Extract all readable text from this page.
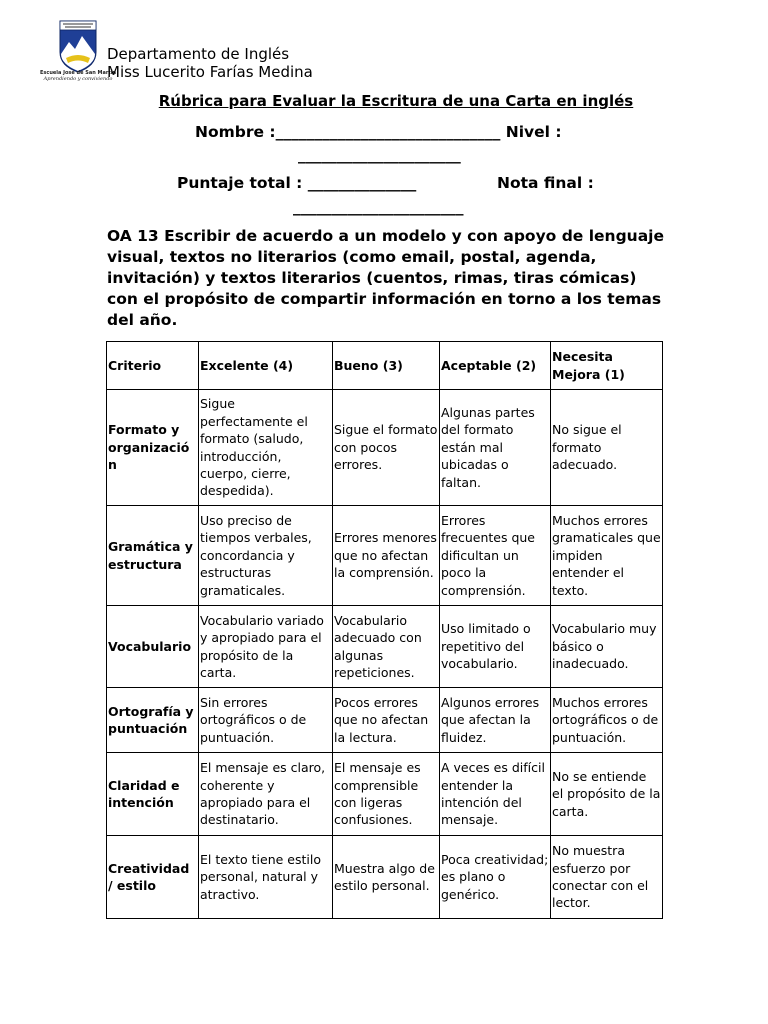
Escuela José de San Martín
Aprendiendo y conviviendo
Departamento de Inglés
Miss Lucerito Farías Medina
Rúbrica para Evaluar la Escritura de una Carta en inglés
Nombre :_____________________________ Nivel :
_____________________
Puntaje total : ______________	Nota final :
______________________
OA 13 Escribir de acuerdo a un modelo y con apoyo de lenguaje visual, textos no literarios (como email, postal, agenda, invitación) y textos literarios (cuentos, rimas, tiras cómicas) con el propósito de compartir información en torno a los temas del año.
Criterio	Excelente (4)	Bueno (3)	Aceptable (2)	Necesita Mejora (1)
Formato y organización	Sigue perfectamente el formato (saludo, introducción, cuerpo, cierre, despedida).	Sigue el formato con pocos errores.	Algunas partes del formato están mal ubicadas o faltan.	No sigue el formato adecuado.
Gramática y estructura	Uso preciso de tiempos verbales, concordancia y estructuras gramaticales.	Errores menores que no afectan la comprensión.	Errores frecuentes que dificultan un poco la comprensión.	Muchos errores gramaticales que impiden entender el texto.
Vocabulario	Vocabulario variado y apropiado para el propósito de la carta.	Vocabulario adecuado con algunas repeticiones.	Uso limitado o repetitivo del vocabulario.	Vocabulario muy básico o inadecuado.
Ortografía y puntuación	Sin errores ortográficos o de puntuación.	Pocos errores que no afectan la lectura.	Algunos errores que afectan la fluidez.	Muchos errores ortográficos o de puntuación.
Claridad e intención	El mensaje es claro, coherente y apropiado para el destinatario.	El mensaje es comprensible con ligeras confusiones.	A veces es difícil entender la intención del mensaje.	No se entiende el propósito de la carta.
Creatividad / estilo	El texto tiene estilo personal, natural y atractivo.	Muestra algo de estilo personal.	Poca creatividad; es plano o genérico.	No muestra esfuerzo por conectar con el lector.
